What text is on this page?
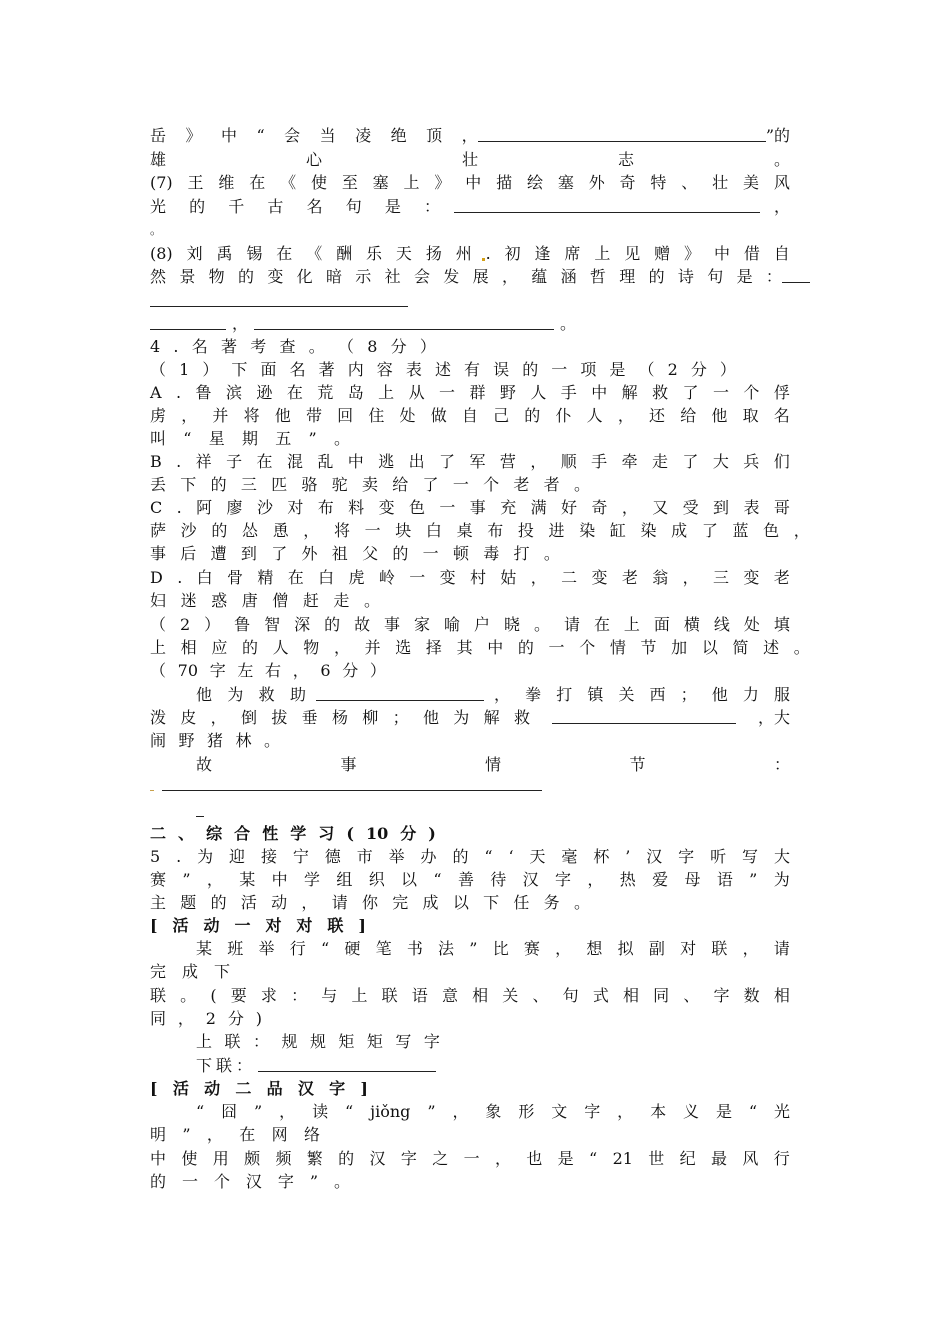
岳 》 中 “ 会 当 凌 绝 顶 ，	”的
雄	心	壮	志	。
(7) 王 维 在 《 使 至 塞 上 》 中 描 绘 塞 外 奇 特 、 壮 美 风
光 的 千 古 名 句 是 ：	，
。
(8) 刘 禹 锡 在 《 酬 乐 天 扬 州 . 初 逢 席 上 见 赠 》 中 借 自
然 景 物 的 变 化 暗 示 社 会 发 展 ， 蕴 涵 哲 理 的 诗 句 是 ：
，	。
4 . 名 著 考 查 。 （ 8 分 ）
（ 1 ） 下 面 名 著 内 容 表 述 有 误 的 一 项 是 （ 2 分 ）
A . 鲁 滨 逊 在 荒 岛 上 从 一 群 野 人 手 中 解 救 了 一 个 俘
虏 ， 并 将 他 带 回 住 处 做 自 己 的 仆 人 ， 还 给 他 取 名
叫 “ 星 期 五 ” 。
B . 祥 子 在 混 乱 中 逃 出 了 军 营 ， 顺 手 牵 走 了 大 兵 们
丢 下 的 三 匹 骆 驼 卖 给 了 一 个 老 者 。
C . 阿 廖 沙 对 布 料 变 色 一 事 充 满 好 奇 ， 又 受 到 表 哥
萨 沙 的 怂 恿 ， 将 一 块 白 桌 布 投 进 染 缸 染 成 了 蓝 色 ，
事 后 遭 到 了 外 祖 父 的 一 顿 毒 打 。
D . 白 骨 精 在 白 虎 岭 一 变 村 姑 ， 二 变 老 翁 ， 三 变 老
妇 迷 惑 唐 僧 赶 走 。
（ 2 ） 鲁 智 深 的 故 事 家 喻 户 晓 。 请 在 上 面 横 线 处 填
上 相 应 的 人 物 ， 并 选 择 其 中 的 一 个 情 节 加 以 简 述 。
（ 70 字 左 右 ， 6 分 ）
他 为 救 助	， 拳 打 镇 关 西 ； 他 力 服
泼 皮 ， 倒 拔 垂 杨 柳 ； 他 为 解 救	，大
闹 野 猪 林 。
故	事	情	节	：
二 、 综 合 性 学 习 ( 10 分 )
5 . 为 迎 接 宁 德 市 举 办 的 “ ‘ 天 毫 杯 ’ 汉 字 听 写 大
赛 ” ， 某 中 学 组 织 以 “ 善 待 汉 字 ， 热 爱 母 语 ” 为
主 题 的 活 动 ， 请 你 完 成 以 下 任 务 。
[ 活 动 一 对 对 联 ]
某 班 举 行 “ 硬 笔 书 法 ” 比 赛 ， 想 拟 副 对 联 ， 请
完 成 下
联 。 ( 要 求 ： 与 上 联 语 意 相 关 、 句 式 相 同 、 字 数 相
同 ， 2 分 )
上 联 ： 规 规 矩 矩 写 字
下 联 ：
[ 活 动 二 品 汉 字 ]
“ 囧 ” ， 读 “ jiǒng ” ， 象 形 文 字 ， 本 义 是 “ 光
明 ” ， 在 网 络
中 使 用 颇 频 繁 的 汉 字 之 一 ， 也 是 “ 21 世 纪 最 风 行
的 一 个 汉 字 ” 。
